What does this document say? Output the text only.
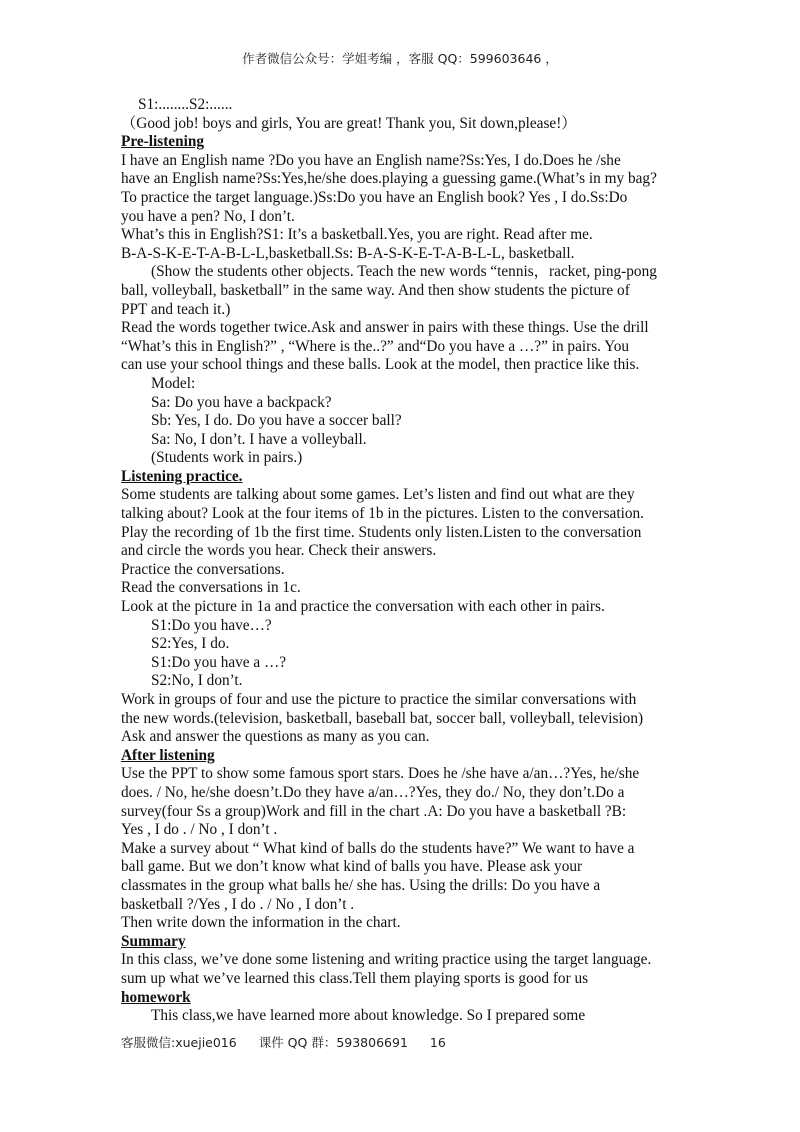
作者微信公众号：学姐考编 ，客服 QQ：599603646 ，
S1:........S2:......
（Good job! boys and girls, You are great! Thank you, Sit down,please!）
Pre-listening
I have an English name ?Do you have an English name?Ss:Yes, I do.Does he /she
have an English name?Ss:Yes,he/she does.playing a guessing game.(What’s in my bag?
To practice the target language.)Ss:Do you have an English book? Yes , I do.Ss:Do
you have a pen? No, I don’t.
What’s this in English?S1: It’s a basketball.Yes, you are right. Read after me.
B-A-S-K-E-T-A-B-L-L,basketball.Ss: B-A-S-K-E-T-A-B-L-L, basketball.
(Show the students other objects. Teach the new words “tennis，racket, ping-pong
ball, volleyball, basketball” in the same way. And then show students the picture of
PPT and teach it.)
Read the words together twice.Ask and answer in pairs with these things. Use the drill
“What’s this in English?” , “Where is the..?” and“Do you have a …?” in pairs. You
can use your school things and these balls. Look at the model, then practice like this.
Model:
Sa: Do you have a backpack?
Sb: Yes, I do. Do you have a soccer ball?
Sa: No, I don’t. I have a volleyball.
(Students work in pairs.)
Listening practice.
Some students are talking about some games. Let’s listen and find out what are they
talking about? Look at the four items of 1b in the pictures. Listen to the conversation.
Play the recording of 1b the first time. Students only listen.Listen to the conversation
and circle the words you hear. Check their answers.
Practice the conversations.
Read the conversations in 1c.
Look at the picture in 1a and practice the conversation with each other in pairs.
S1:Do you have…?
S2:Yes, I do.
S1:Do you have a …?
S2:No, I don’t.
Work in groups of four and use the picture to practice the similar conversations with
the new words.(television, basketball, baseball bat, soccer ball, volleyball, television)
Ask and answer the questions as many as you can.
After listening
Use the PPT to show some famous sport stars. Does he /she have a/an…?Yes, he/she
does. / No, he/she doesn’t.Do they have a/an…?Yes, they do./ No, they don’t.Do a
survey(four Ss a group)Work and fill in the chart .A: Do you have a basketball ?B:
Yes , I do . / No , I don’t .
Make a survey about “ What kind of balls do the students have?” We want to have a
ball game. But we don’t know what kind of balls you have. Please ask your
classmates in the group what balls he/ she has. Using the drills: Do you have a
basketball ?/Yes , I do . / No , I don’t .
Then write down the information in the chart.
Summary
In this class, we’ve done some listening and writing practice using the target language.
sum up what we’ve learned this class.Tell them playing sports is good for us
homework
This class,we have learned more about knowledge. So I prepared some
客服微信:xuejie016 课件 QQ 群：593806691 16
